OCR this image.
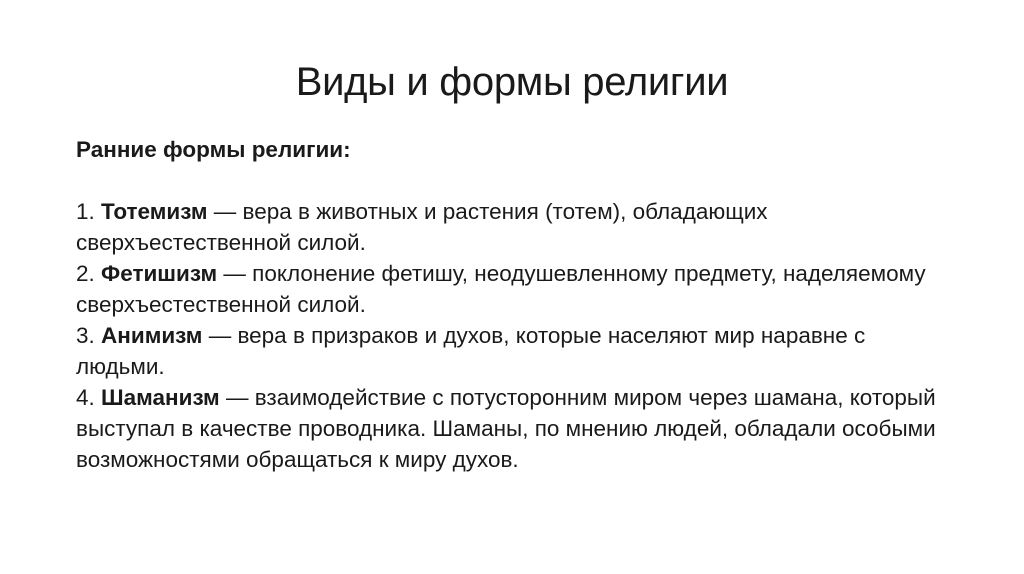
Виды и формы религии

Ранние формы религии:

1. Тотемизм — вера в животных и растения (тотем), обладающих сверхъестественной силой.

2. Фетишизм — поклонение фетишу, неодушевленному предмету, наделяемому сверхъестественной силой.

3. Анимизм — вера в призраков и духов, которые населяют мир наравне с людьми.

4. Шаманизм — взаимодействие с потусторонним миром через шамана, который выступал в качестве проводника. Шаманы, по мнению людей, обладали особыми возможностями обращаться к миру духов.
